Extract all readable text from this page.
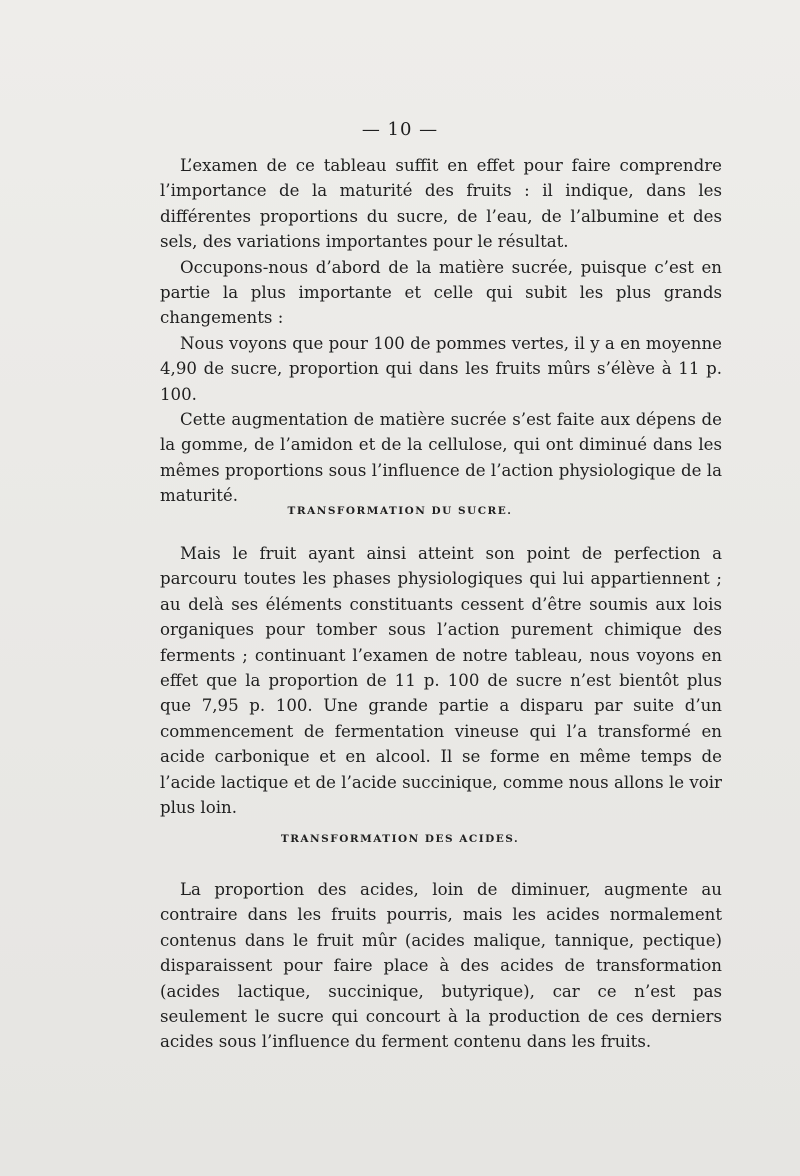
— 10 —

L’examen de ce tableau suffit en effet pour faire comprendre l’importance de la maturité des fruits : il indique, dans les différentes proportions du sucre, de l’eau, de l’albumine et des sels, des variations importantes pour le résultat.

Occupons-nous d’abord de la matière sucrée, puisque c’est en partie la plus importante et celle qui subit les plus grands changements :

Nous voyons que pour 100 de pommes vertes, il y a en moyenne 4,90 de sucre, proportion qui dans les fruits mûrs s’élève à 11 p. 100.

Cette augmentation de matière sucrée s’est faite aux dépens de la gomme, de l’amidon et de la cellulose, qui ont diminué dans les mêmes proportions sous l’influence de l’action physiologique de la maturité.

TRANSFORMATION DU SUCRE.

Mais le fruit ayant ainsi atteint son point de perfection a parcouru toutes les phases physiologiques qui lui appartiennent ; au delà ses éléments constituants cessent d’être soumis aux lois organiques pour tomber sous l’action purement chimique des ferments ; continuant l’examen de notre tableau, nous voyons en effet que la proportion de 11 p. 100 de sucre n’est bientôt plus que 7,95 p. 100. Une grande partie a disparu par suite d’un commencement de fermentation vineuse qui l’a transformé en acide carbonique et en alcool. Il se forme en même temps de l’acide lactique et de l’acide succinique, comme nous allons le voir plus loin.

TRANSFORMATION DES ACIDES.

La proportion des acides, loin de diminuer, augmente au contraire dans les fruits pourris, mais les acides normalement contenus dans le fruit mûr (acides malique, tannique, pectique) disparaissent pour faire place à des acides de transformation (acides lactique, succinique, butyrique), car ce n’est pas seulement le sucre qui concourt à la production de ces derniers acides sous l’influence du ferment contenu dans les fruits.
